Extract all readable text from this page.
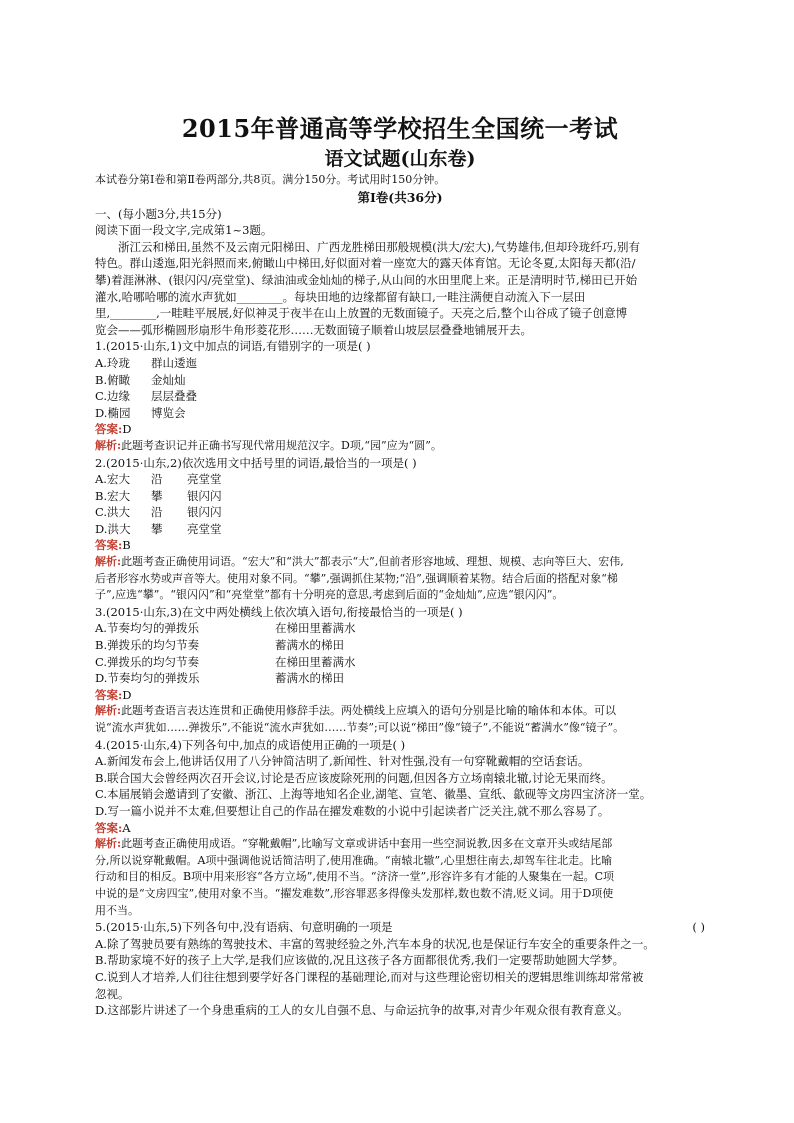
2015年普通高等学校招生全国统一考试
语文试题(山东卷)

本试卷分第Ⅰ卷和第Ⅱ卷两部分,共8页。满分150分。考试用时150分钟。

第Ⅰ卷(共36分)

一、(每小题3分,共15分)

阅读下面一段文字,完成第1~3题。

浙江云和梯田,虽然不及云南元阳梯田、广西龙胜梯田那般规模(洪大/宏大),气势雄伟,但却玲珑纤巧,别有

特色。群山逶迤,阳光斜照而来,俯瞰山中梯田,好似面对着一座宽大的露天体育馆。无论冬夏,太阳每天都(沿/

攀)着涯淋淋、(银闪闪/亮堂堂)、绿油油或金灿灿的梯子,从山间的水田里爬上来。正是清明时节,梯田已开始

灌水,哈哪哈哪的流水声犹如________。每块田地的边缘都留有缺口,一畦注满便自动流入下一层田

里,________,一畦畦平展展,好似神灵于夜半在山上放置的无数面镜子。天亮之后,整个山谷成了镜子创意博

览会——弧形椭圆形扇形牛角形菱花形……无数面镜子顺着山坡层层叠叠地铺展开去。

1.(2015·山东,1)文中加点的词语,有错别字的一项是( )

A.玲珑	群山逶迤
B.俯瞰	金灿灿
C.边缘	层层叠叠
D.椭园	博览会

答案:D

解析:此题考查识记并正确书写现代常用规范汉字。D项,“园”应为“圆”。

2.(2015·山东,2)依次选用文中括号里的词语,最恰当的一项是( )

A.宏大	沿	亮堂堂
B.宏大	攀	银闪闪
C.洪大	沿	银闪闪
D.洪大	攀	亮堂堂

答案:B

解析:此题考查正确使用词语。“宏大”和“洪大”都表示“大”,但前者形容地域、理想、规模、志向等巨大、宏伟,

后者形容水势或声音等大。使用对象不同。“攀”,强调抓住某物;“沿”,强调顺着某物。结合后面的搭配对象“梯

子”,应选“攀”。“银闪闪”和“亮堂堂”都有十分明亮的意思,考虑到后面的“金灿灿”,应选“银闪闪”。

3.(2015·山东,3)在文中两处横线上依次填入语句,衔接最恰当的一项是( )

A.节奏均匀的弹拨乐	在梯田里蓄满水
B.弹拨乐的均匀节奏	蓄满水的梯田
C.弹拨乐的均匀节奏	在梯田里蓄满水
D.节奏均匀的弹拨乐	蓄满水的梯田

答案:D

解析:此题考查语言表达连贯和正确使用修辞手法。两处横线上应填入的语句分别是比喻的喻体和本体。可以

说“流水声犹如……弹拨乐”,不能说“流水声犹如……节奏”;可以说“梯田”像“镜子”,不能说“蓄满水”像“镜子”。

4.(2015·山东,4)下列各句中,加点的成语使用正确的一项是( )

A.新闻发布会上,他讲话仅用了八分钟简洁明了,新闻性、针对性强,没有一句穿靴戴帽的空话套话。

B.联合国大会曾经两次召开会议,讨论是否应该废除死刑的问题,但因各方立场南辕北辙,讨论无果而终。

C.本届展销会邀请到了安徽、浙江、上海等地知名企业,湖笔、宣笔、徽墨、宣纸、歙砚等文房四宝济济一堂。

D.写一篇小说并不太难,但要想让自己的作品在擢发难数的小说中引起读者广泛关注,就不那么容易了。

答案:A

解析:此题考查正确使用成语。“穿靴戴帽”,比喻写文章或讲话中套用一些空洞说教,因多在文章开头或结尾部

分,所以说穿靴戴帽。A项中强调他说话简洁明了,使用准确。“南辕北辙”,心里想往南去,却驾车往北走。比喻

行动和目的相反。B项中用来形容“各方立场”,使用不当。“济济一堂”,形容许多有才能的人聚集在一起。C项

中说的是“文房四宝”,使用对象不当。“擢发难数”,形容罪恶多得像头发那样,数也数不清,贬义词。用于D项使

用不当。

5.(2015·山东,5)下列各句中,没有语病、句意明确的一项是	( )

A.除了驾驶员要有熟练的驾驶技术、丰富的驾驶经验之外,汽车本身的状况,也是保证行车安全的重要条件之一。

B.帮助家境不好的孩子上大学,是我们应该做的,况且这孩子各方面都很优秀,我们一定要帮助她圆大学梦。

C.说到人才培养,人们往往想到要学好各门课程的基础理论,而对与这些理论密切相关的逻辑思维训练却常常被

忽视。

D.这部影片讲述了一个身患重病的工人的女儿自强不息、与命运抗争的故事,对青少年观众很有教育意义。
